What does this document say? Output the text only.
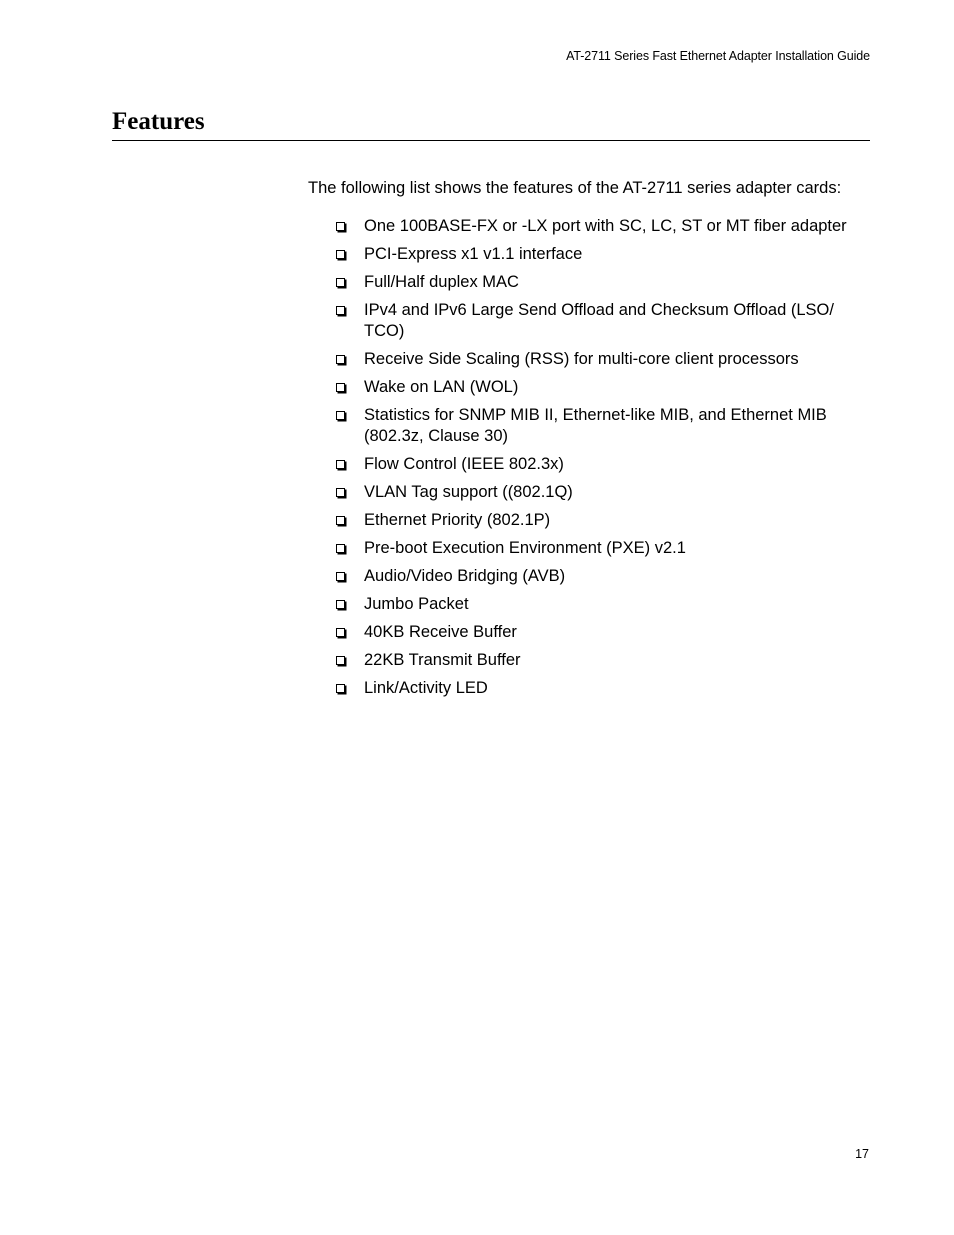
AT-2711 Series Fast Ethernet Adapter Installation Guide
Features

The following list shows the features of the AT-2711 series adapter cards:

One 100BASE-FX or -LX port with SC, LC, ST or MT fiber adapter
PCI-Express x1 v1.1 interface
Full/Half duplex MAC
IPv4 and IPv6 Large Send Offload and Checksum Offload (LSO/ TCO)
Receive Side Scaling (RSS) for multi-core client processors
Wake on LAN (WOL)
Statistics for SNMP MIB II, Ethernet-like MIB, and Ethernet MIB (802.3z, Clause 30)
Flow Control (IEEE 802.3x)
VLAN Tag support ((802.1Q)
Ethernet Priority (802.1P)
Pre-boot Execution Environment (PXE) v2.1
Audio/Video Bridging (AVB)
Jumbo Packet
40KB Receive Buffer
22KB Transmit Buffer
Link/Activity LED
17
